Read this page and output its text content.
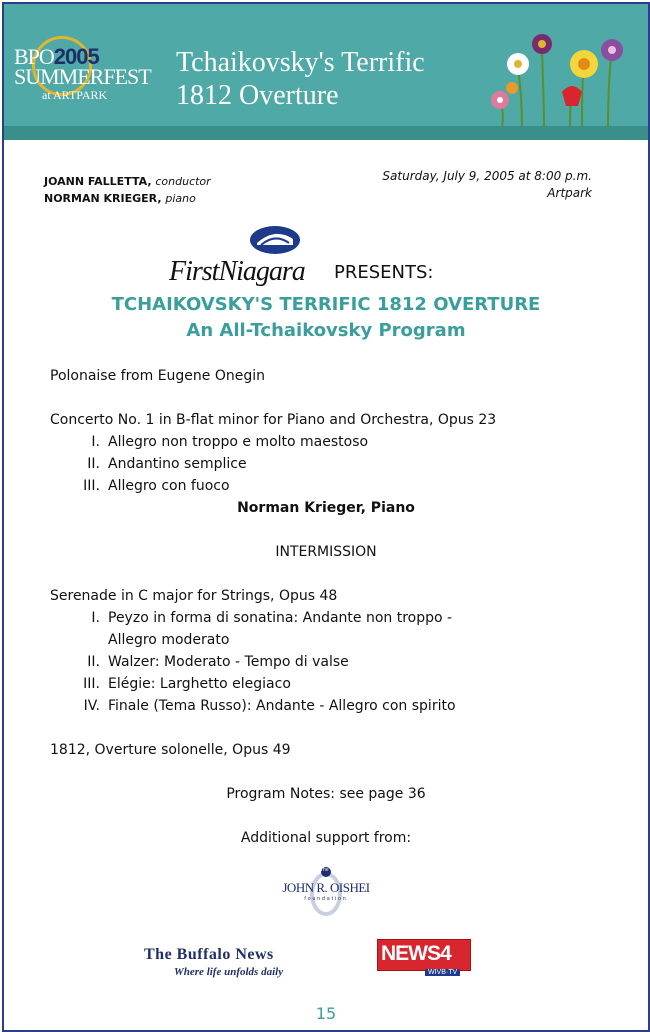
BPO2005
SUMMERFEST
at ARTPARK
Tchaikovsky's Terrific
1812 Overture
JOANN FALLETTA, conductor
NORMAN KRIEGER, piano
Saturday, July 9, 2005 at 8:00 p.m.
Artpark
FirstNiagara PRESENTS:
TCHAIKOVSKY'S TERRIFIC 1812 OVERTURE
An All-Tchaikovsky Program
Polonaise from Eugene Onegin
Concerto No. 1 in B-flat minor for Piano and Orchestra, Opus 23
I. Allegro non troppo e molto maestoso
II. Andantino semplice
III. Allegro con fuoco
Norman Krieger, Piano
INTERMISSION
Serenade in C major for Strings, Opus 48
I. Peyzo in forma di sonatina: Andante non troppo -
Allegro moderato
II. Walzer: Moderato - Tempo di valse
III. Elégie: Larghetto elegiaco
IV. Finale (Tema Russo): Andante - Allegro con spirito
1812, Overture solonelle, Opus 49
Program Notes: see page 36
Additional support from:
The
JOHN R. OISHEI
foundation
The Buffalo News
Where life unfolds daily
NEWS4
WIVB·TV
15
